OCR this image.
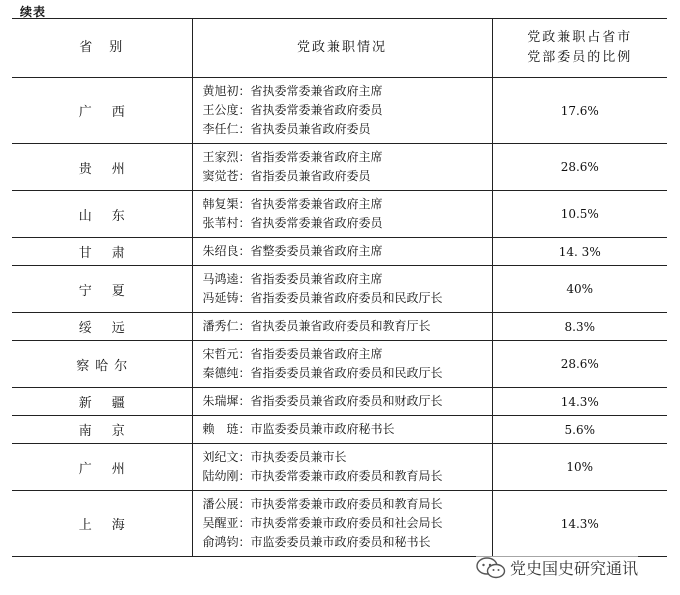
续表
省　别	党政兼职情况	党政兼职占省市
党部委员的比例

广西	黄旭初：省执委常委兼省政府主席
王公度：省执委常委兼省政府委员
李任仁：省执委员兼省政府委员	17.6%
贵州	王家烈：省指委常委兼省政府主席
窦觉苍：省指委员兼省政府委员	28.6%
山东	韩复榘：省执委常委兼省政府主席
张苇村：省执委常委兼省政府委员	10.5%
甘肃	朱绍良：省整委委员兼省政府主席	14. 3%
宁夏	马鸿逵：省指委委员兼省政府主席
冯延铸：省指委委员兼省政府委员和民政厅长	40%
绥远	潘秀仁：省执委员兼省政府委员和教育厅长	8.3%
察哈尔	宋哲元：省指委委员兼省政府主席
秦德纯：省指委委员兼省政府委员和民政厅长	28.6%
新疆	朱瑞墀：省指委委员兼省政府委员和财政厅长	14.3%
南京	赖　琏：市监委委员兼市政府秘书长	5.6%
广州	刘纪文：市执委委员兼市长
陆幼刚：市执委常委兼市政府委员和教育局长	10%
上海	潘公展：市执委常委兼市政府委员和教育局长
吴醒亚：市执委常委兼市政府委员和社会局长
俞鸿钧：市监委委员兼市政府委员和秘书长	14.3%
党史国史研究通讯
